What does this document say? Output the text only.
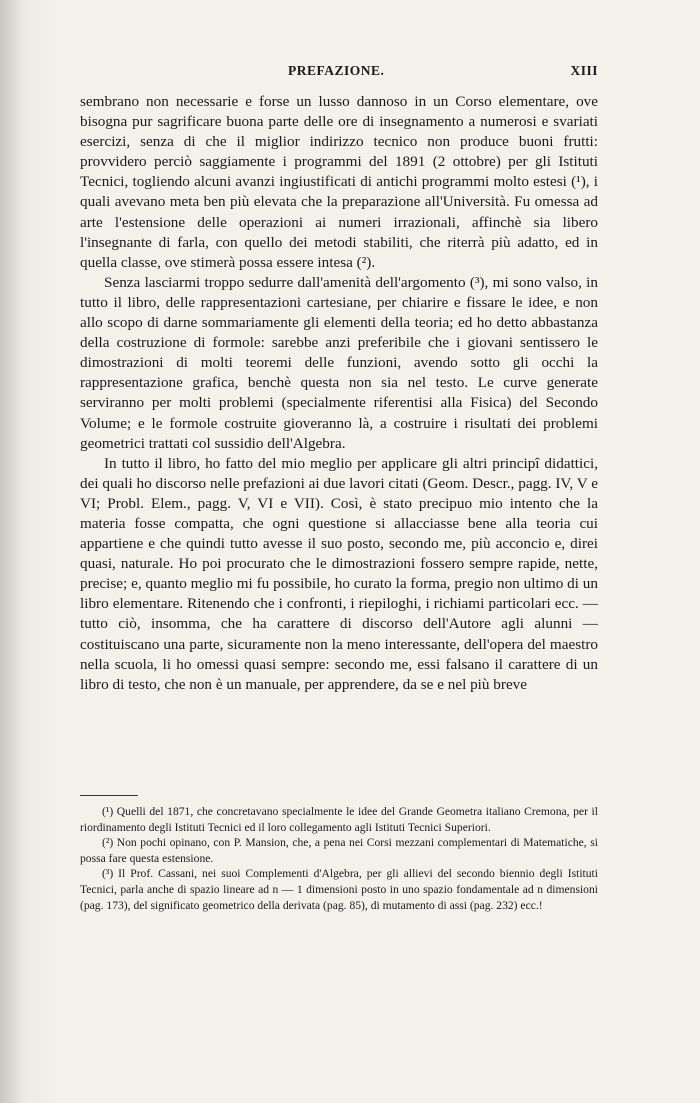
PREFAZIONE.	XIII

sembrano non necessarie e forse un lusso dannoso in un Corso elementare, ove bisogna pur sagrificare buona parte delle ore di insegnamento a numerosi e svariati esercizi, senza di che il miglior indirizzo tecnico non produce buoni frutti: provvidero perciò saggiamente i programmi del 1891 (2 ottobre) per gli Istituti Tecnici, togliendo alcuni avanzi ingiustificati di antichi programmi molto estesi (¹), i quali avevano meta ben più elevata che la preparazione all'Università. Fu omessa ad arte l'estensione delle operazioni ai numeri irrazionali, affinchè sia libero l'insegnante di farla, con quello dei metodi stabiliti, che riterrà più adatto, ed in quella classe, ove stimerà possa essere intesa (²).

Senza lasciarmi troppo sedurre dall'amenità dell'argomento (³), mi sono valso, in tutto il libro, delle rappresentazioni cartesiane, per chiarire e fissare le idee, e non allo scopo di darne sommariamente gli elementi della teoria; ed ho detto abbastanza della costruzione di formole: sarebbe anzi preferibile che i giovani sentissero le dimostrazioni di molti teoremi delle funzioni, avendo sotto gli occhi la rappresentazione grafica, benchè questa non sia nel testo. Le curve generate serviranno per molti problemi (specialmente riferentisi alla Fisica) del Secondo Volume; e le formole costruite gioveranno là, a costruire i risultati dei problemi geometrici trattati col sussidio dell'Algebra.

In tutto il libro, ho fatto del mio meglio per applicare gli altri principî didattici, dei quali ho discorso nelle prefazioni ai due lavori citati (Geom. Descr., pagg. IV, V e VI; Probl. Elem., pagg. V, VI e VII). Così, è stato precipuo mio intento che la materia fosse compatta, che ogni questione si allacciasse bene alla teoria cui appartiene e che quindi tutto avesse il suo posto, secondo me, più acconcio e, direi quasi, naturale. Ho poi procurato che le dimostrazioni fossero sempre rapide, nette, precise; e, quanto meglio mi fu possibile, ho curato la forma, pregio non ultimo di un libro elementare. Ritenendo che i confronti, i riepiloghi, i richiami particolari ecc. — tutto ciò, insomma, che ha carattere di discorso dell'Autore agli alunni — costituiscano una parte, sicuramente non la meno interessante, dell'opera del maestro nella scuola, li ho omessi quasi sempre: secondo me, essi falsano il carattere di un libro di testo, che non è un manuale, per apprendere, da se e nel più breve

(¹) Quelli del 1871, che concretavano specialmente le idee del Grande Geometra italiano Cremona, per il riordinamento degli Istituti Tecnici ed il loro collegamento agli Istituti Tecnici Superiori.

(²) Non pochi opinano, con P. Mansion, che, a pena nei Corsi mezzani complementari di Matematiche, si possa fare questa estensione.

(³) Il Prof. Cassani, nei suoi Complementi d'Algebra, per gli allievi del secondo biennio degli Istituti Tecnici, parla anche di spazio lineare ad n — 1 dimensioni posto in uno spazio fondamentale ad n dimensioni (pag. 173), del significato geometrico della derivata (pag. 85), di mutamento di assi (pag. 232) ecc.!
